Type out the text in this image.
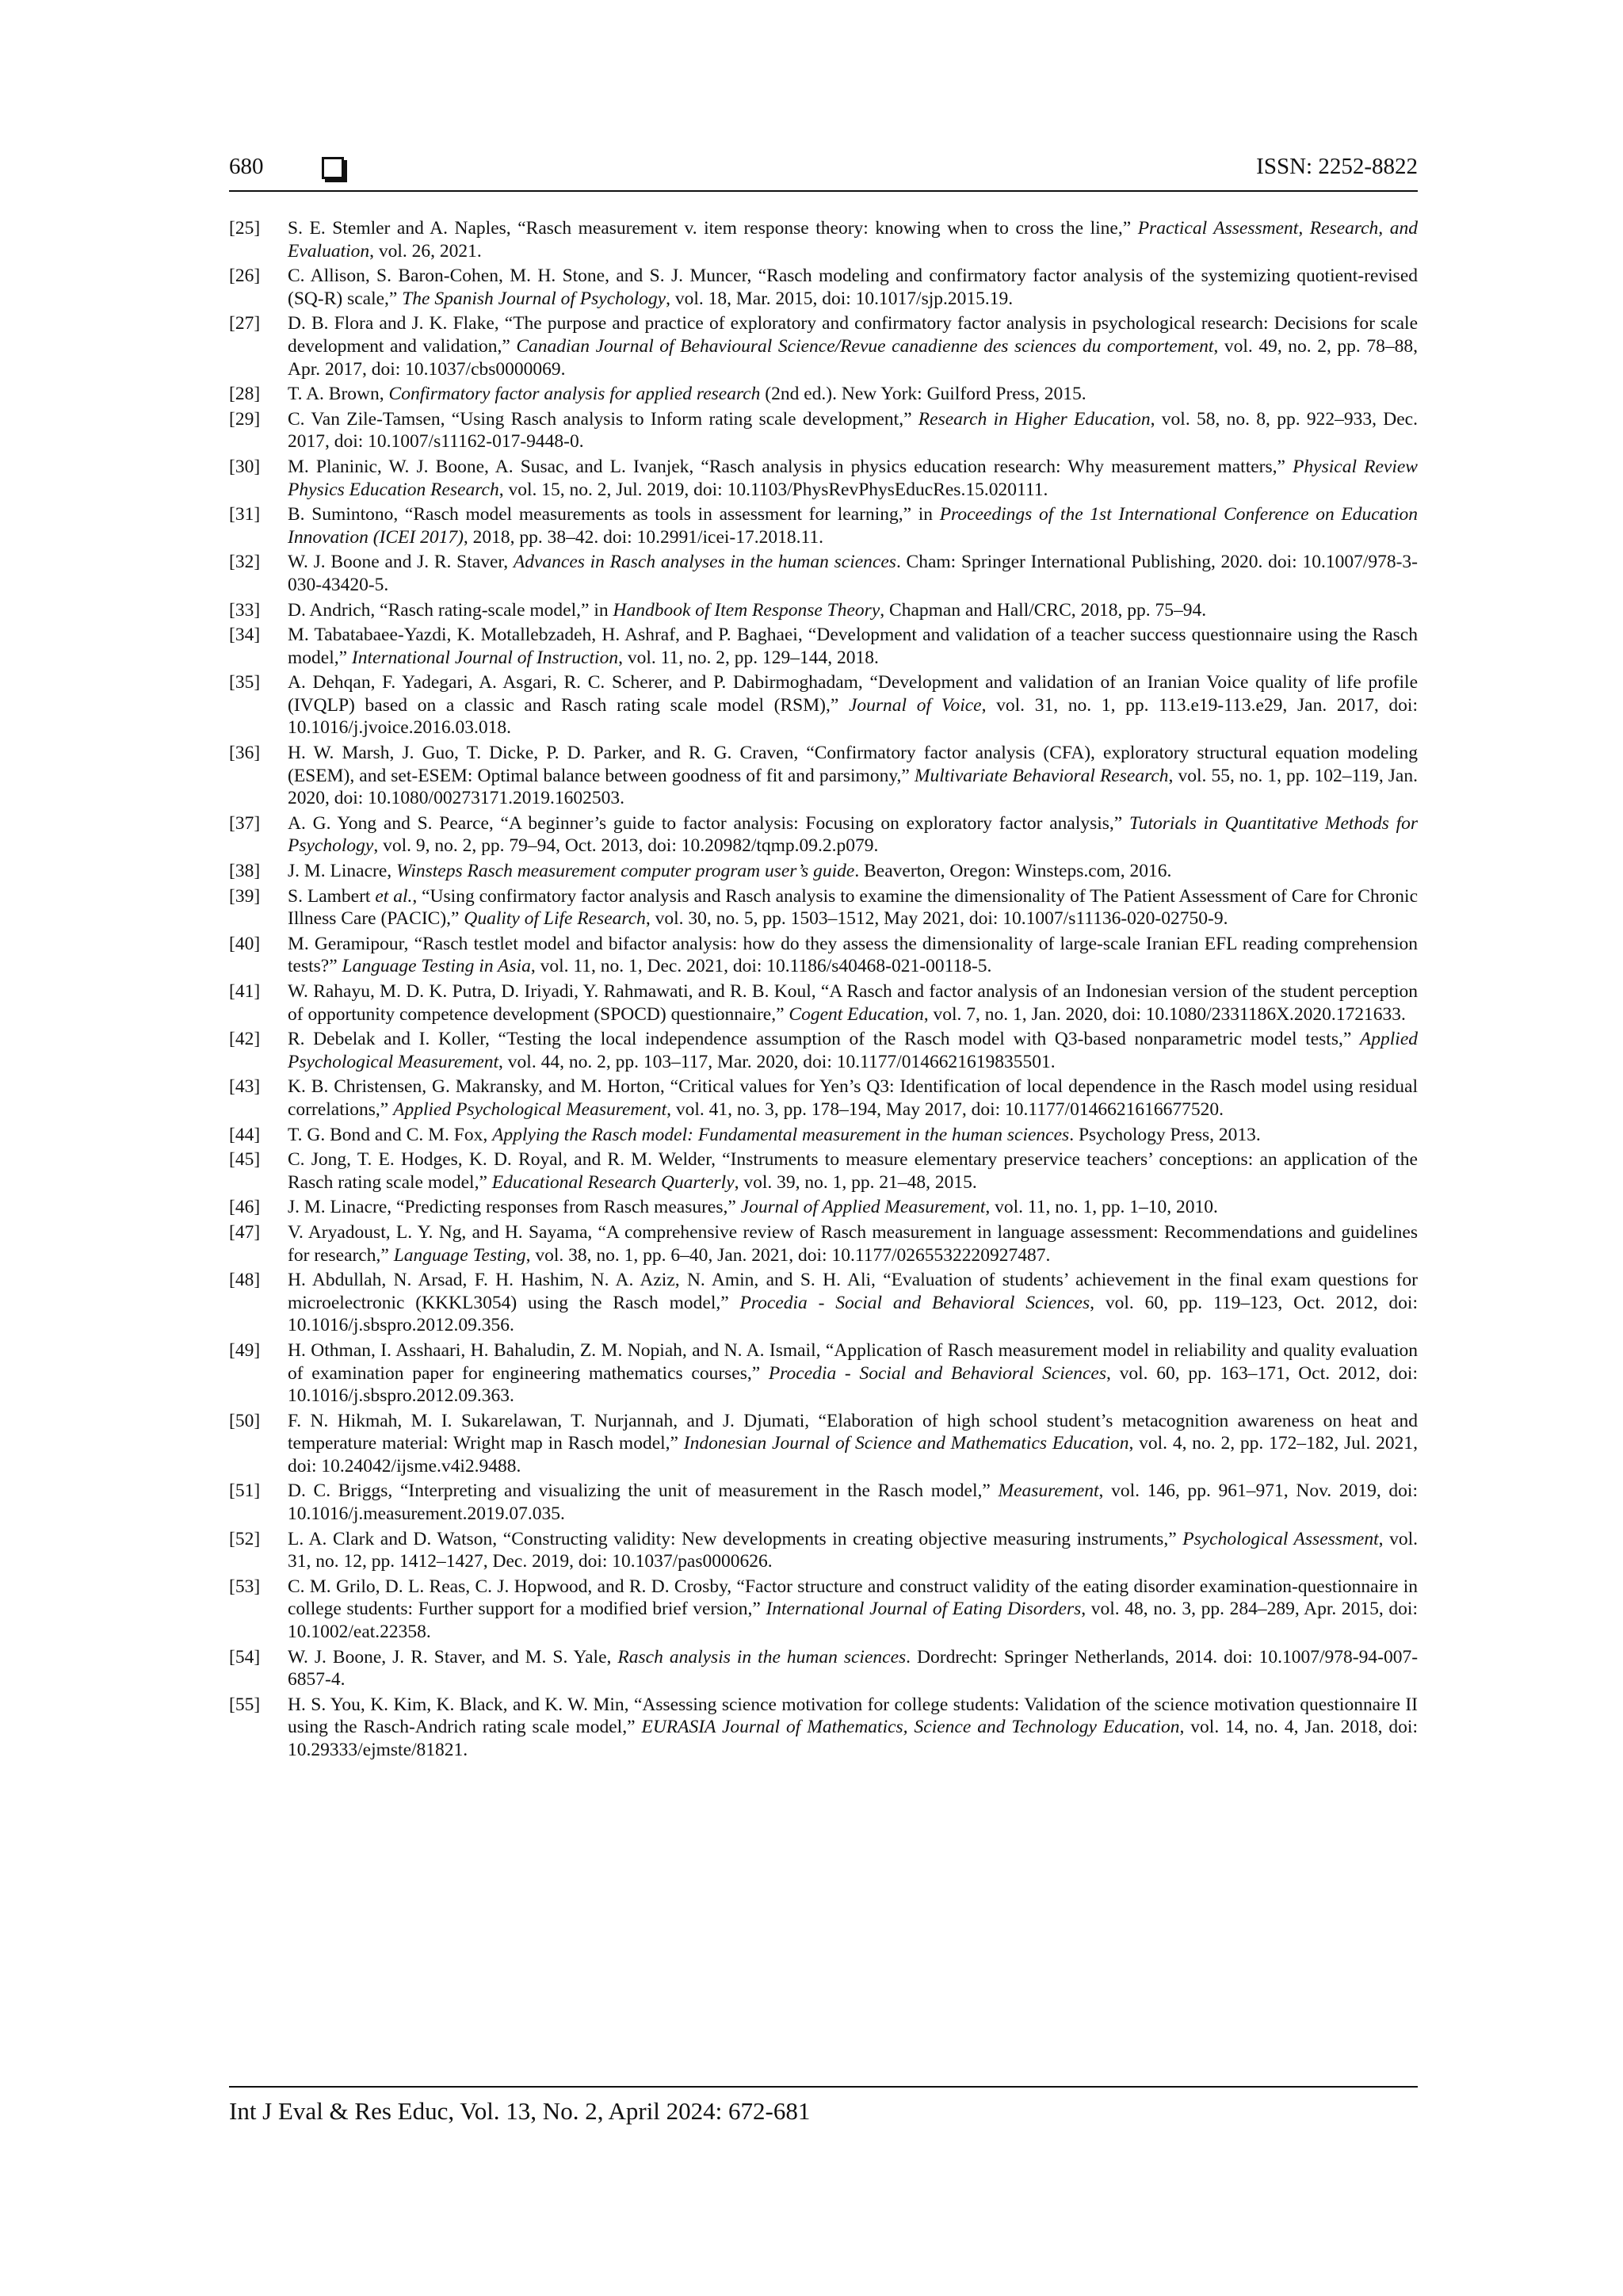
680	ISSN: 2252-8822
[25]	S. E. Stemler and A. Naples, “Rasch measurement v. item response theory: knowing when to cross the line,” Practical Assessment, Research, and Evaluation, vol. 26, 2021.
[26]	C. Allison, S. Baron-Cohen, M. H. Stone, and S. J. Muncer, “Rasch modeling and confirmatory factor analysis of the systemizing quotient-revised (SQ-R) scale,” The Spanish Journal of Psychology, vol. 18, Mar. 2015, doi: 10.1017/sjp.2015.19.
[27]	D. B. Flora and J. K. Flake, “The purpose and practice of exploratory and confirmatory factor analysis in psychological research: Decisions for scale development and validation,” Canadian Journal of Behavioural Science/Revue canadienne des sciences du comportement, vol. 49, no. 2, pp. 78–88, Apr. 2017, doi: 10.1037/cbs0000069.
[28]	T. A. Brown, Confirmatory factor analysis for applied research (2nd ed.). New York: Guilford Press, 2015.
[29]	C. Van Zile-Tamsen, “Using Rasch analysis to Inform rating scale development,” Research in Higher Education, vol. 58, no. 8, pp. 922–933, Dec. 2017, doi: 10.1007/s11162-017-9448-0.
[30]	M. Planinic, W. J. Boone, A. Susac, and L. Ivanjek, “Rasch analysis in physics education research: Why measurement matters,” Physical Review Physics Education Research, vol. 15, no. 2, Jul. 2019, doi: 10.1103/PhysRevPhysEducRes.15.020111.
[31]	B. Sumintono, “Rasch model measurements as tools in assessment for learning,” in Proceedings of the 1st International Conference on Education Innovation (ICEI 2017), 2018, pp. 38–42. doi: 10.2991/icei-17.2018.11.
[32]	W. J. Boone and J. R. Staver, Advances in Rasch analyses in the human sciences. Cham: Springer International Publishing, 2020. doi: 10.1007/978-3-030-43420-5.
[33]	D. Andrich, “Rasch rating-scale model,” in Handbook of Item Response Theory, Chapman and Hall/CRC, 2018, pp. 75–94.
[34]	M. Tabatabaee-Yazdi, K. Motallebzadeh, H. Ashraf, and P. Baghaei, “Development and validation of a teacher success questionnaire using the Rasch model,” International Journal of Instruction, vol. 11, no. 2, pp. 129–144, 2018.
[35]	A. Dehqan, F. Yadegari, A. Asgari, R. C. Scherer, and P. Dabirmoghadam, “Development and validation of an Iranian Voice quality of life profile (IVQLP) based on a classic and Rasch rating scale model (RSM),” Journal of Voice, vol. 31, no. 1, pp. 113.e19-113.e29, Jan. 2017, doi: 10.1016/j.jvoice.2016.03.018.
[36]	H. W. Marsh, J. Guo, T. Dicke, P. D. Parker, and R. G. Craven, “Confirmatory factor analysis (CFA), exploratory structural equation modeling (ESEM), and set-ESEM: Optimal balance between goodness of fit and parsimony,” Multivariate Behavioral Research, vol. 55, no. 1, pp. 102–119, Jan. 2020, doi: 10.1080/00273171.2019.1602503.
[37]	A. G. Yong and S. Pearce, “A beginner’s guide to factor analysis: Focusing on exploratory factor analysis,” Tutorials in Quantitative Methods for Psychology, vol. 9, no. 2, pp. 79–94, Oct. 2013, doi: 10.20982/tqmp.09.2.p079.
[38]	J. M. Linacre, Winsteps Rasch measurement computer program user’s guide. Beaverton, Oregon: Winsteps.com, 2016.
[39]	S. Lambert et al., “Using confirmatory factor analysis and Rasch analysis to examine the dimensionality of The Patient Assessment of Care for Chronic Illness Care (PACIC),” Quality of Life Research, vol. 30, no. 5, pp. 1503–1512, May 2021, doi: 10.1007/s11136-020-02750-9.
[40]	M. Geramipour, “Rasch testlet model and bifactor analysis: how do they assess the dimensionality of large-scale Iranian EFL reading comprehension tests?” Language Testing in Asia, vol. 11, no. 1, Dec. 2021, doi: 10.1186/s40468-021-00118-5.
[41]	W. Rahayu, M. D. K. Putra, D. Iriyadi, Y. Rahmawati, and R. B. Koul, “A Rasch and factor analysis of an Indonesian version of the student perception of opportunity competence development (SPOCD) questionnaire,” Cogent Education, vol. 7, no. 1, Jan. 2020, doi: 10.1080/2331186X.2020.1721633.
[42]	R. Debelak and I. Koller, “Testing the local independence assumption of the Rasch model with Q3-based nonparametric model tests,” Applied Psychological Measurement, vol. 44, no. 2, pp. 103–117, Mar. 2020, doi: 10.1177/0146621619835501.
[43]	K. B. Christensen, G. Makransky, and M. Horton, “Critical values for Yen’s Q3: Identification of local dependence in the Rasch model using residual correlations,” Applied Psychological Measurement, vol. 41, no. 3, pp. 178–194, May 2017, doi: 10.1177/0146621616677520.
[44]	T. G. Bond and C. M. Fox, Applying the Rasch model: Fundamental measurement in the human sciences. Psychology Press, 2013.
[45]	C. Jong, T. E. Hodges, K. D. Royal, and R. M. Welder, “Instruments to measure elementary preservice teachers’ conceptions: an application of the Rasch rating scale model,” Educational Research Quarterly, vol. 39, no. 1, pp. 21–48, 2015.
[46]	J. M. Linacre, “Predicting responses from Rasch measures,” Journal of Applied Measurement, vol. 11, no. 1, pp. 1–10, 2010.
[47]	V. Aryadoust, L. Y. Ng, and H. Sayama, “A comprehensive review of Rasch measurement in language assessment: Recommendations and guidelines for research,” Language Testing, vol. 38, no. 1, pp. 6–40, Jan. 2021, doi: 10.1177/0265532220927487.
[48]	H. Abdullah, N. Arsad, F. H. Hashim, N. A. Aziz, N. Amin, and S. H. Ali, “Evaluation of students’ achievement in the final exam questions for microelectronic (KKKL3054) using the Rasch model,” Procedia - Social and Behavioral Sciences, vol. 60, pp. 119–123, Oct. 2012, doi: 10.1016/j.sbspro.2012.09.356.
[49]	H. Othman, I. Asshaari, H. Bahaludin, Z. M. Nopiah, and N. A. Ismail, “Application of Rasch measurement model in reliability and quality evaluation of examination paper for engineering mathematics courses,” Procedia - Social and Behavioral Sciences, vol. 60, pp. 163–171, Oct. 2012, doi: 10.1016/j.sbspro.2012.09.363.
[50]	F. N. Hikmah, M. I. Sukarelawan, T. Nurjannah, and J. Djumati, “Elaboration of high school student’s metacognition awareness on heat and temperature material: Wright map in Rasch model,” Indonesian Journal of Science and Mathematics Education, vol. 4, no. 2, pp. 172–182, Jul. 2021, doi: 10.24042/ijsme.v4i2.9488.
[51]	D. C. Briggs, “Interpreting and visualizing the unit of measurement in the Rasch model,” Measurement, vol. 146, pp. 961–971, Nov. 2019, doi: 10.1016/j.measurement.2019.07.035.
[52]	L. A. Clark and D. Watson, “Constructing validity: New developments in creating objective measuring instruments,” Psychological Assessment, vol. 31, no. 12, pp. 1412–1427, Dec. 2019, doi: 10.1037/pas0000626.
[53]	C. M. Grilo, D. L. Reas, C. J. Hopwood, and R. D. Crosby, “Factor structure and construct validity of the eating disorder examination-questionnaire in college students: Further support for a modified brief version,” International Journal of Eating Disorders, vol. 48, no. 3, pp. 284–289, Apr. 2015, doi: 10.1002/eat.22358.
[54]	W. J. Boone, J. R. Staver, and M. S. Yale, Rasch analysis in the human sciences. Dordrecht: Springer Netherlands, 2014. doi: 10.1007/978-94-007-6857-4.
[55]	H. S. You, K. Kim, K. Black, and K. W. Min, “Assessing science motivation for college students: Validation of the science motivation questionnaire II using the Rasch-Andrich rating scale model,” EURASIA Journal of Mathematics, Science and Technology Education, vol. 14, no. 4, Jan. 2018, doi: 10.29333/ejmste/81821.
Int J Eval & Res Educ, Vol. 13, No. 2, April 2024: 672-681
